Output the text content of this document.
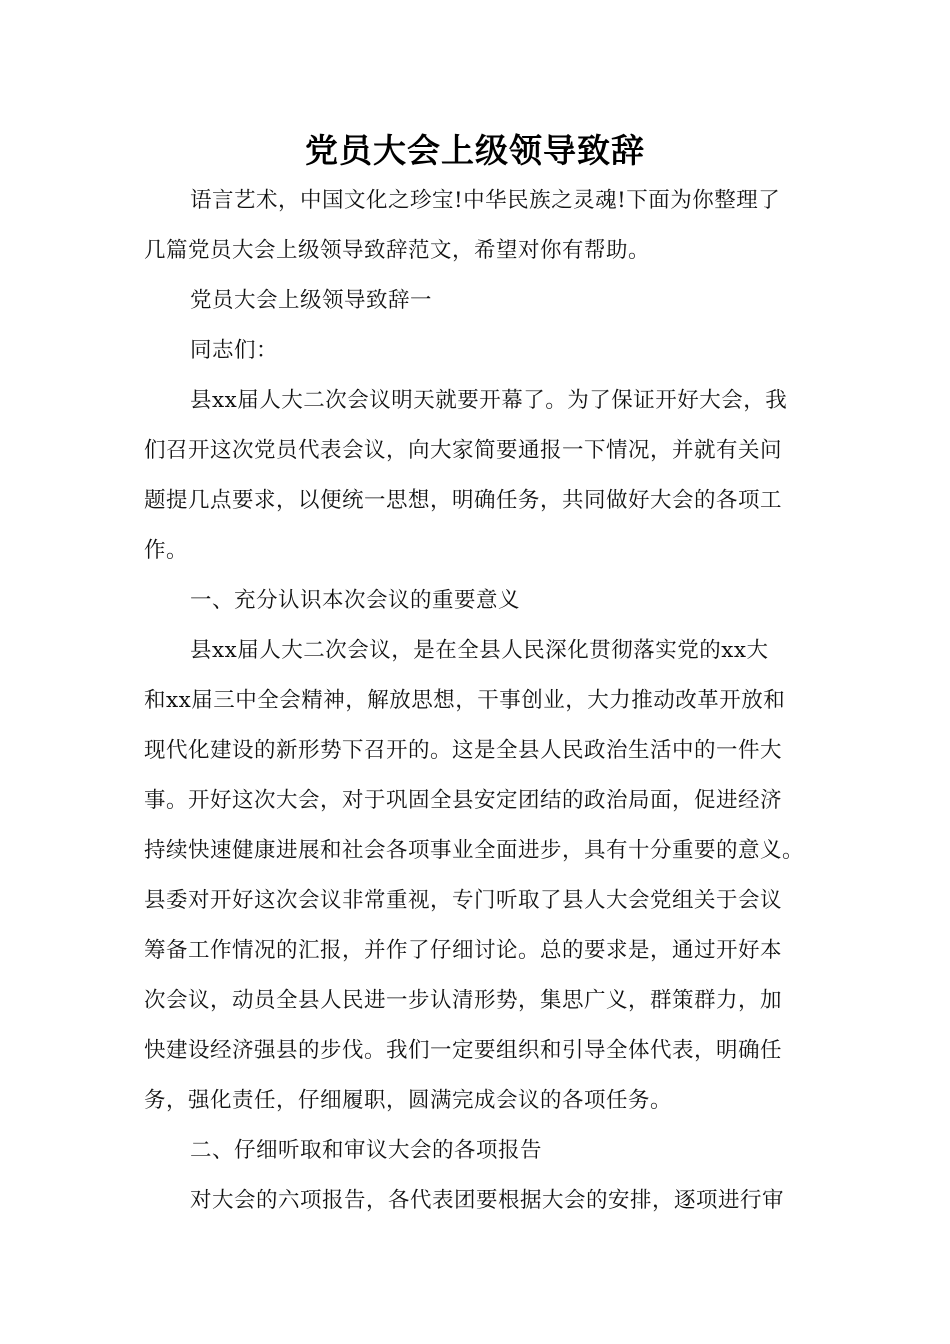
党员大会上级领导致辞
语言艺术，中国文化之珍宝!中华民族之灵魂!下面为你整理了
几篇党员大会上级领导致辞范文，希望对你有帮助。
党员大会上级领导致辞一
同志们：
县xx届人大二次会议明天就要开幕了。为了保证开好大会，我
们召开这次党员代表会议，向大家简要通报一下情况，并就有关问
题提几点要求，以便统一思想，明确任务，共同做好大会的各项工
作。
一、充分认识本次会议的重要意义
县xx届人大二次会议，是在全县人民深化贯彻落实党的xx大
和xx届三中全会精神，解放思想，干事创业，大力推动改革开放和
现代化建设的新形势下召开的。这是全县人民政治生活中的一件大
事。开好这次大会，对于巩固全县安定团结的政治局面，促进经济
持续快速健康进展和社会各项事业全面进步，具有十分重要的意义。
县委对开好这次会议非常重视，专门听取了县人大会党组关于会议
筹备工作情况的汇报，并作了仔细讨论。总的要求是，通过开好本
次会议，动员全县人民进一步认清形势，集思广义，群策群力，加
快建设经济强县的步伐。我们一定要组织和引导全体代表，明确任
务，强化责任，仔细履职，圆满完成会议的各项任务。
二、仔细听取和审议大会的各项报告
对大会的六项报告，各代表团要根据大会的安排，逐项进行审
